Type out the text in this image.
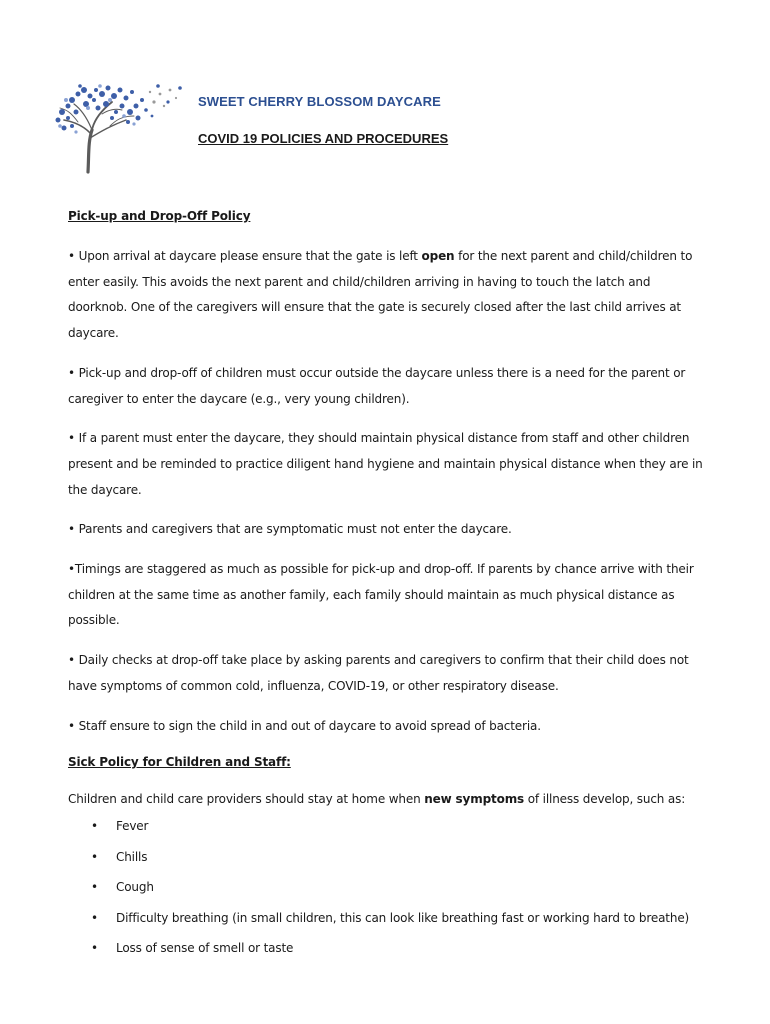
SWEET CHERRY BLOSSOM DAYCARE
COVID 19 POLICIES AND PROCEDURES
Pick-up and Drop-Off Policy

• Upon arrival at daycare please ensure that the gate is left open for the next parent and child/children to enter easily. This avoids the next parent and child/children arriving in having to touch the latch and doorknob. One of the caregivers will ensure that the gate is securely closed after the last child arrives at daycare.

• Pick-up and drop-off of children must occur outside the daycare unless there is a need for the parent or caregiver to enter the daycare (e.g., very young children).

• If a parent must enter the daycare, they should maintain physical distance from staff and other children present and be reminded to practice diligent hand hygiene and maintain physical distance when they are in the daycare.

• Parents and caregivers that are symptomatic must not enter the daycare.

•Timings are staggered as much as possible for pick-up and drop-off. If parents by chance arrive with their children at the same time as another family, each family should maintain as much physical distance as possible.

• Daily checks at drop-off take place by asking parents and caregivers to confirm that their child does not have symptoms of common cold, influenza, COVID-19, or other respiratory disease.

• Staff ensure to sign the child in and out of daycare to avoid spread of bacteria.

Sick Policy for Children and Staff:

Children and child care providers should stay at home when new symptoms of illness develop, such as:

• Fever
• Chills
• Cough
• Difficulty breathing (in small children, this can look like breathing fast or working hard to breathe)
• Loss of sense of smell or taste
